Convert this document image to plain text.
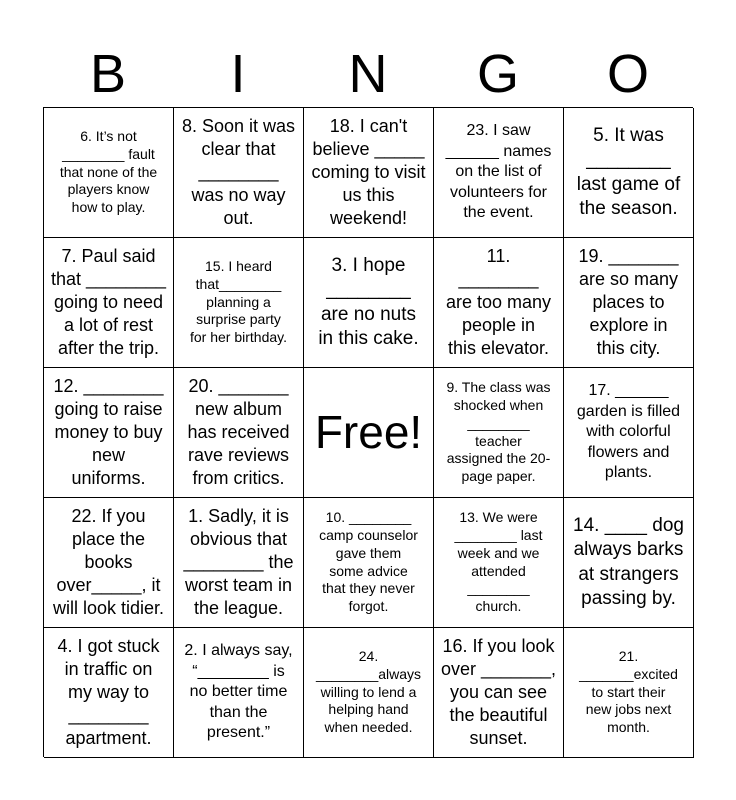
B	I	N	G	O
6. It’s not
________ fault
that none of the
players know
how to play.
8. Soon it was
clear that
________
was no way
out.
18. I can't
believe _____
coming to visit
us this
weekend!
23. I saw
______ names
on the list of
volunteers for
the event.
5. It was
________
last game of
the season.
7. Paul said
that ________
going to need
a lot of rest
after the trip.
15. I heard
that________
planning a
surprise party
for her birthday.
3. I hope
________
are no nuts
in this cake.
11.
________
are too many
people in
this elevator.
19. _______
are so many
places to
explore in
this city.
12. ________
going to raise
money to buy
new
uniforms.
20. _______
new album
has received
rave reviews
from critics.
Free!
9. The class was
shocked when
________
teacher
assigned the 20-
page paper.
17. ______
garden is filled
with colorful
flowers and
plants.
22. If you
place the
books
over_____, it
will look tidier.
1. Sadly, it is
obvious that
________ the
worst team in
the league.
10. ________
camp counselor
gave them
some advice
that they never
forgot.
13. We were
________ last
week and we
attended
________
church.
14. ____ dog
always barks
at strangers
passing by.
4. I got stuck
in traffic on
my way to
________
apartment.
2. I always say,
“________ is
no better time
than the
present.”
24.
________always
willing to lend a
helping hand
when needed.
16. If you look
over _______,
you can see
the beautiful
sunset.
21.
_______excited
to start their
new jobs next
month.
